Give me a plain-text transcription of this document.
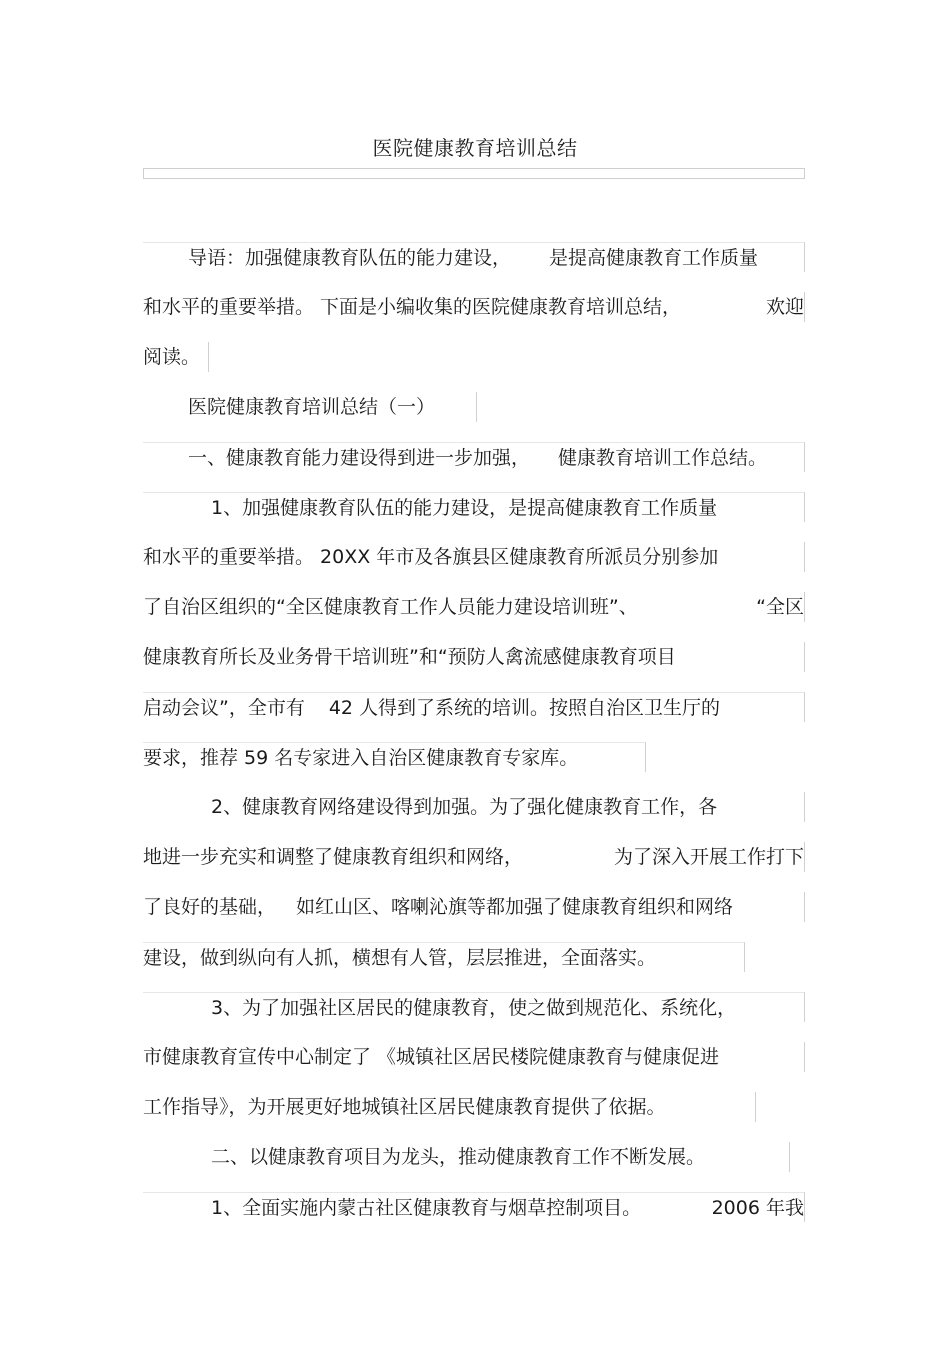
医院健康教育培训总结
导语：加强健康教育队伍的能力建设， 是提高健康教育工作质量
和水平的重要举措。 下面是小编收集的医院健康教育培训总结，	欢迎
阅读。
医院健康教育培训总结（一）
一、健康教育能力建设得到进一步加强， 健康教育培训工作总结。
1、加强健康教育队伍的能力建设，是提高健康教育工作质量
和水平的重要举措。 20XX 年市及各旗县区健康教育所派员分别参加
了自治区组织的“全区健康教育工作人员能力建设培训班”、	“全区
健康教育所长及业务骨干培训班”和“预防人禽流感健康教育项目
启动会议”，全市有 42 人得到了系统的培训。按照自治区卫生厅的
要求，推荐 59 名专家进入自治区健康教育专家库。
2、健康教育网络建设得到加强。为了强化健康教育工作，各
地进一步充实和调整了健康教育组织和网络，	为了深入开展工作打下
了良好的基础， 如红山区、喀喇沁旗等都加强了健康教育组织和网络
建设，做到纵向有人抓，横想有人管，层层推进，全面落实。
3、为了加强社区居民的健康教育，使之做到规范化、系统化，
市健康教育宣传中心制定了 《城镇社区居民楼院健康教育与健康促进
工作指导》，为开展更好地城镇社区居民健康教育提供了依据。
二、以健康教育项目为龙头，推动健康教育工作不断发展。
1、全面实施内蒙古社区健康教育与烟草控制项目。	2006 年我
